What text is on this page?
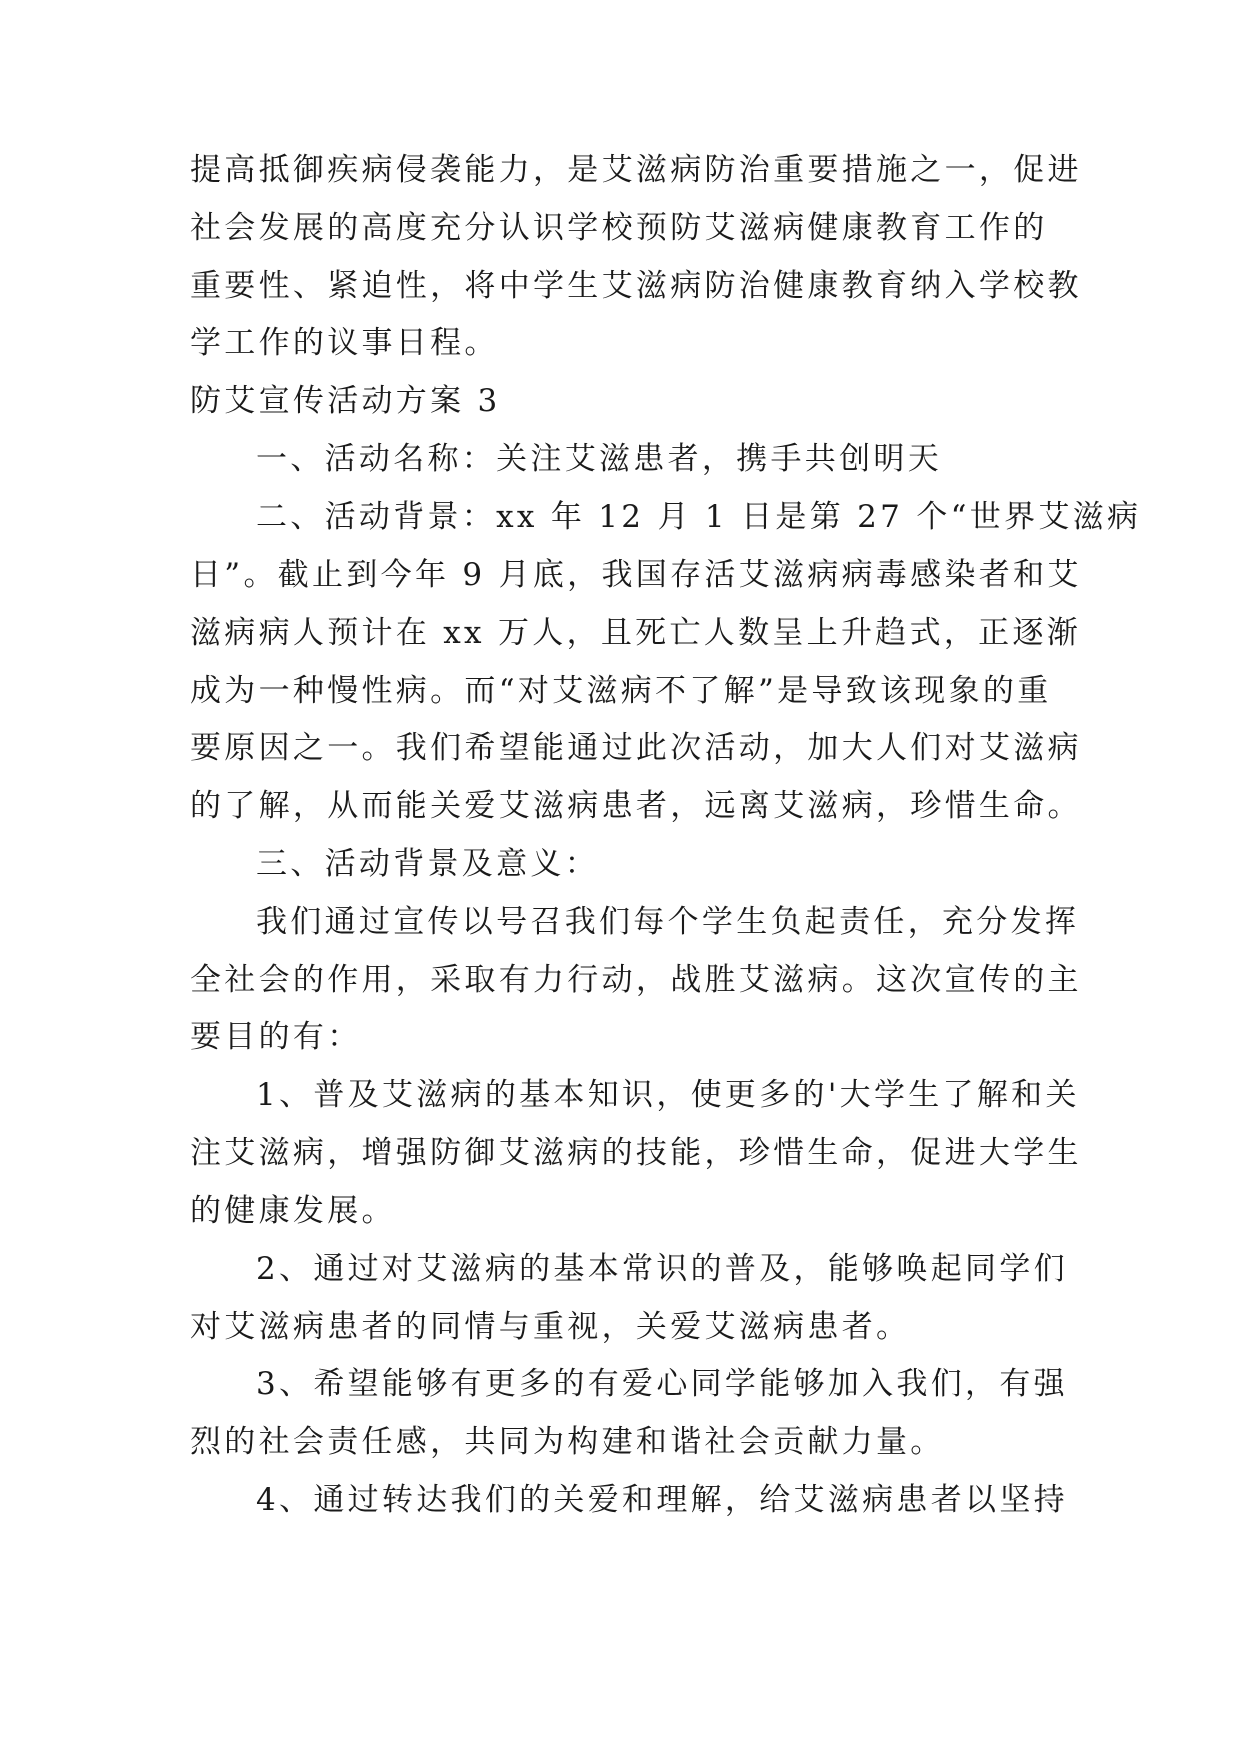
提高抵御疾病侵袭能力，是艾滋病防治重要措施之一，促进
社会发展的高度充分认识学校预防艾滋病健康教育工作的
重要性、紧迫性，将中学生艾滋病防治健康教育纳入学校教
学工作的议事日程。
防艾宣传活动方案 3
一、活动名称：关注艾滋患者，携手共创明天
二、活动背景：xx 年 12 月 1 日是第 27 个“世界艾滋病
日”。截止到今年 9 月底，我国存活艾滋病病毒感染者和艾
滋病病人预计在 xx 万人，且死亡人数呈上升趋式，正逐渐
成为一种慢性病。而“对艾滋病不了解”是导致该现象的重
要原因之一。我们希望能通过此次活动，加大人们对艾滋病
的了解，从而能关爱艾滋病患者，远离艾滋病，珍惜生命。
三、活动背景及意义：
我们通过宣传以号召我们每个学生负起责任，充分发挥
全社会的作用，采取有力行动，战胜艾滋病。这次宣传的主
要目的有：
1、普及艾滋病的基本知识，使更多的'大学生了解和关
注艾滋病，增强防御艾滋病的技能，珍惜生命，促进大学生
的健康发展。
2、通过对艾滋病的基本常识的普及，能够唤起同学们
对艾滋病患者的同情与重视，关爱艾滋病患者。
3、希望能够有更多的有爱心同学能够加入我们，有强
烈的社会责任感，共同为构建和谐社会贡献力量。
4、通过转达我们的关爱和理解，给艾滋病患者以坚持
